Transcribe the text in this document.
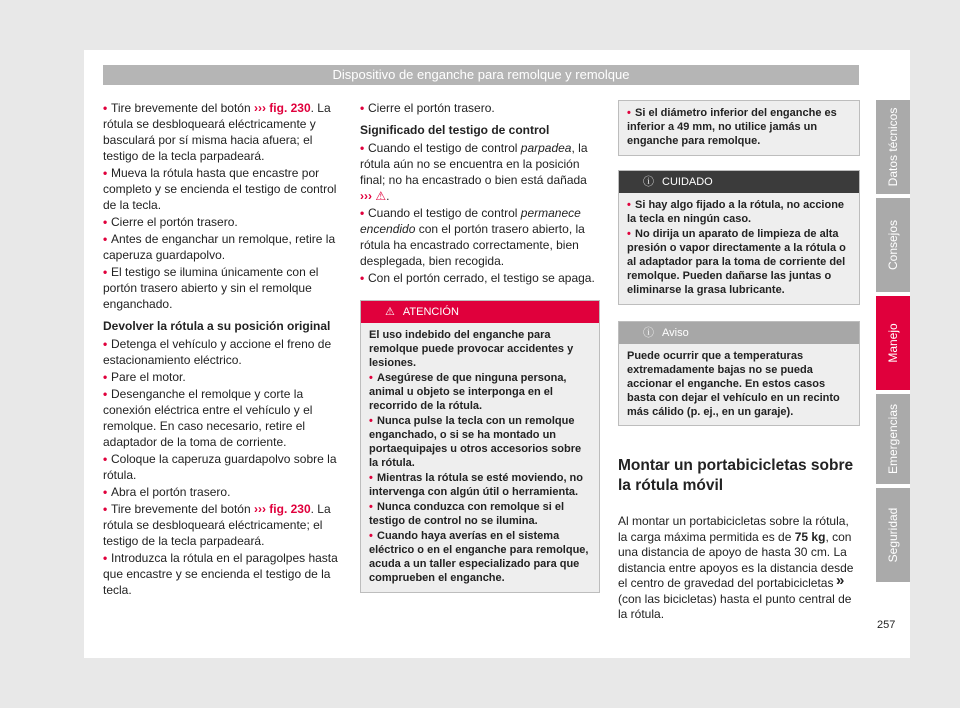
Dispositivo de enganche para remolque y remolque

• Tire brevemente del botón ››› fig. 230. La rótula se desbloqueará eléctricamente y basculará por sí misma hacia afuera; el testigo de la tecla parpadeará.

• Mueva la rótula hasta que encastre por completo y se encienda el testigo de control de la tecla.

• Cierre el portón trasero.

• Antes de enganchar un remolque, retire la caperuza guardapolvo.

• El testigo se ilumina únicamente con el portón trasero abierto y sin el remolque enganchado.

Devolver la rótula a su posición original

• Detenga el vehículo y accione el freno de estacionamiento eléctrico.

• Pare el motor.

• Desenganche el remolque y corte la conexión eléctrica entre el vehículo y el remolque. En caso necesario, retire el adaptador de la toma de corriente.

• Coloque la caperuza guardapolvo sobre la rótula.

• Abra el portón trasero.

• Tire brevemente del botón ››› fig. 230. La rótula se desbloqueará eléctricamente; el testigo de la tecla parpadeará.

• Introduzca la rótula en el paragolpes hasta que encastre y se encienda el testigo de la tecla.

• Cierre el portón trasero.

Significado del testigo de control

• Cuando el testigo de control parpadea, la rótula aún no se encuentra en la posición final; no ha encastrado o bien está dañada ››› ⚠.

• Cuando el testigo de control permanece encendido con el portón trasero abierto, la rótula ha encastrado correctamente, bien desplegada, bien recogida.

• Con el portón cerrado, el testigo se apaga.

⚠ ATENCIÓN

El uso indebido del enganche para remolque puede provocar accidentes y lesiones.

• Asegúrese de que ninguna persona, animal u objeto se interponga en el recorrido de la rótula.

• Nunca pulse la tecla con un remolque enganchado, o si se ha montado un portaequipajes u otros accesorios sobre la rótula.

• Mientras la rótula se esté moviendo, no intervenga con algún útil o herramienta.

• Nunca conduzca con remolque si el testigo de control no se ilumina.

• Cuando haya averías en el sistema eléctrico o en el enganche para remolque, acuda a un taller especializado para que comprueben el enganche.

• Si el diámetro inferior del enganche es inferior a 49 mm, no utilice jamás un enganche para remolque.

ⓘ CUIDADO

• Si hay algo fijado a la rótula, no accione la tecla en ningún caso.

• No dirija un aparato de limpieza de alta presión o vapor directamente a la rótula o al adaptador para la toma de corriente del remolque. Pueden dañarse las juntas o eliminarse la grasa lubricante.

ⓘ Aviso
Puede ocurrir que a temperaturas extremadamente bajas no se pueda accionar el enganche. En estos casos basta con dejar el vehículo en un recinto más cálido (p. ej., en un garaje).
Montar un portabicicletas sobre la rótula móvil

Al montar un portabicicletas sobre la rótula, la carga máxima permitida es de 75 kg, con una distancia de apoyo de hasta 30 cm. La distancia entre apoyos es la distancia desde el centro de gravedad del portabicicletas (con las bicicletas) hasta el punto central de la rótula.

»
Datos técnicos
Consejos
Manejo
Emergencias
Seguridad
257
